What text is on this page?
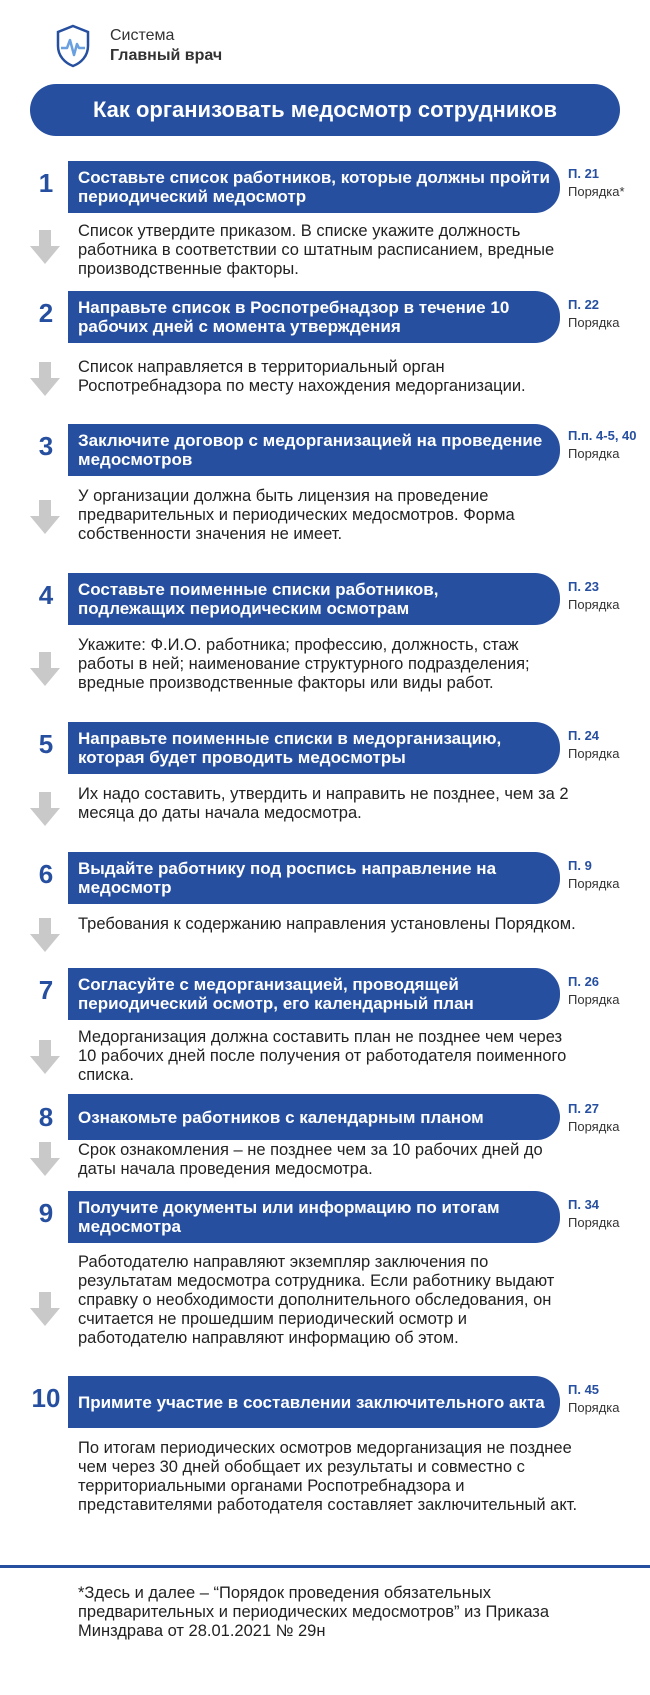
Система
Главный врач
Как организовать медосмотр сотрудников
1	Составьте список работников, которые должны пройти периодический медосмотр
П. 21
Порядка*
Список утвердите приказом. В списке укажите должность работника в соответствии со штатным расписанием, вредные производственные факторы.
2	Направьте список в Роспотребнадзор в течение 10 рабочих дней с момента утверждения
П. 22
Порядка
Список направляется в территориальный орган Роспотребнадзора по месту нахождения медорганизации.
3	Заключите договор с медорганизацией на проведение медосмотров
П.п. 4-5, 40
Порядка
У организации должна быть лицензия на проведение предварительных и периодических медосмотров. Форма собственности значения не имеет.
4	Составьте поименные списки работников, подлежащих периодическим осмотрам
П. 23
Порядка
Укажите: Ф.И.О. работника; профессию, должность, стаж работы в ней; наименование структурного подразделения; вредные производственные факторы или виды работ.
5	Направьте поименные списки в медорганизацию, которая будет проводить медосмотры
П. 24
Порядка
Их надо составить, утвердить и направить не позднее, чем за 2 месяца до даты начала медосмотра.
6	Выдайте работнику под роспись направление на медосмотр
П. 9
Порядка
Требования к содержанию направления установлены Порядком.
7	Согласуйте с медорганизацией, проводящей периодический осмотр, его календарный план
П. 26
Порядка
Медорганизация должна составить план не позднее чем через 10 рабочих дней после получения от работодателя поименного списка.
8	Ознакомьте работников с календарным планом	П. 27
Порядка
Срок ознакомления – не позднее чем за 10 рабочих дней до даты начала проведения медосмотра.
9	Получите документы или информацию по итогам медосмотра
П. 34
Порядка
Работодателю направляют экземпляр заключения по результатам медосмотра сотрудника. Если работнику выдают справку о необходимости дополнительного обследования, он считается не прошедшим периодический осмотр и работодателю направляют информацию об этом.
10	Примите участие в составлении заключительного акта
П. 45
Порядка
По итогам периодических осмотров медорганизация не позднее чем через 30 дней обобщает их результаты и совместно с территориальными органами Роспотребнадзора и представителями работодателя составляет заключительный акт.
*Здесь и далее – “Порядок проведения обязательных предварительных и периодических медосмотров” из Приказа Минздрава от 28.01.2021 № 29н
